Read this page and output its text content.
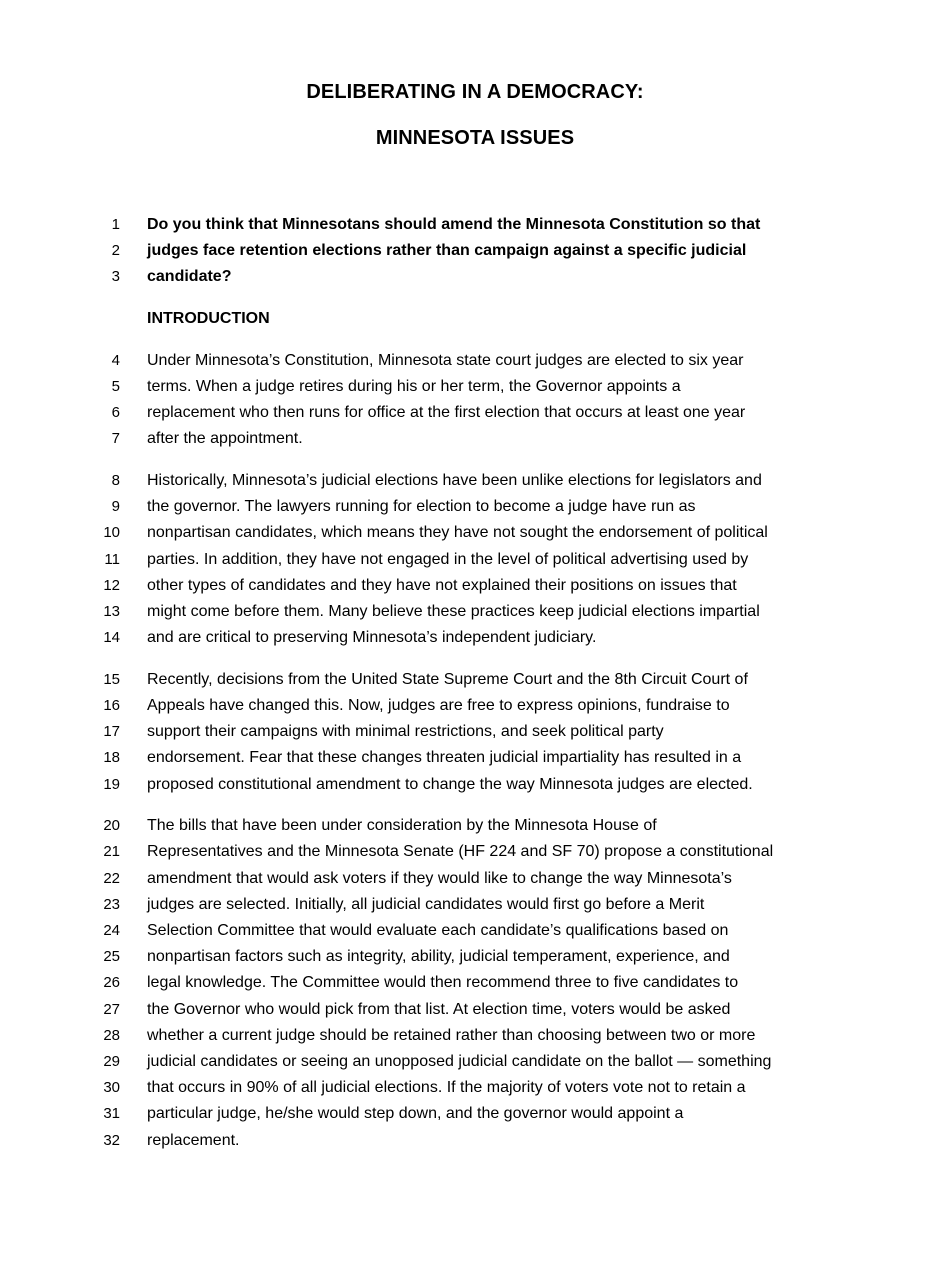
DELIBERATING IN A DEMOCRACY:
MINNESOTA ISSUES
1 Do you think that Minnesotans should amend the Minnesota Constitution so that
2 judges face retention elections rather than campaign against a specific judicial
3 candidate?
INTRODUCTION
4 Under Minnesota’s Constitution, Minnesota state court judges are elected to six year
5 terms. When a judge retires during his or her term, the Governor appoints a
6 replacement who then runs for office at the first election that occurs at least one year
7 after the appointment.
8 Historically, Minnesota’s judicial elections have been unlike elections for legislators and
9 the governor. The lawyers running for election to become a judge have run as
10 nonpartisan candidates, which means they have not sought the endorsement of political
11 parties. In addition, they have not engaged in the level of political advertising used by
12 other types of candidates and they have not explained their positions on issues that
13 might come before them. Many believe these practices keep judicial elections impartial
14 and are critical to preserving Minnesota’s independent judiciary.
15 Recently, decisions from the United State Supreme Court and the 8th Circuit Court of
16 Appeals have changed this. Now, judges are free to express opinions, fundraise to
17 support their campaigns with minimal restrictions, and seek political party
18 endorsement. Fear that these changes threaten judicial impartiality has resulted in a
19 proposed constitutional amendment to change the way Minnesota judges are elected.
20 The bills that have been under consideration by the Minnesota House of
21 Representatives and the Minnesota Senate (HF 224 and SF 70) propose a constitutional
22 amendment that would ask voters if they would like to change the way Minnesota’s
23 judges are selected. Initially, all judicial candidates would first go before a Merit
24 Selection Committee that would evaluate each candidate’s qualifications based on
25 nonpartisan factors such as integrity, ability, judicial temperament, experience, and
26 legal knowledge. The Committee would then recommend three to five candidates to
27 the Governor who would pick from that list. At election time, voters would be asked
28 whether a current judge should be retained rather than choosing between two or more
29 judicial candidates or seeing an unopposed judicial candidate on the ballot — something
30 that occurs in 90% of all judicial elections. If the majority of voters vote not to retain a
31 particular judge, he/she would step down, and the governor would appoint a
32 replacement.
